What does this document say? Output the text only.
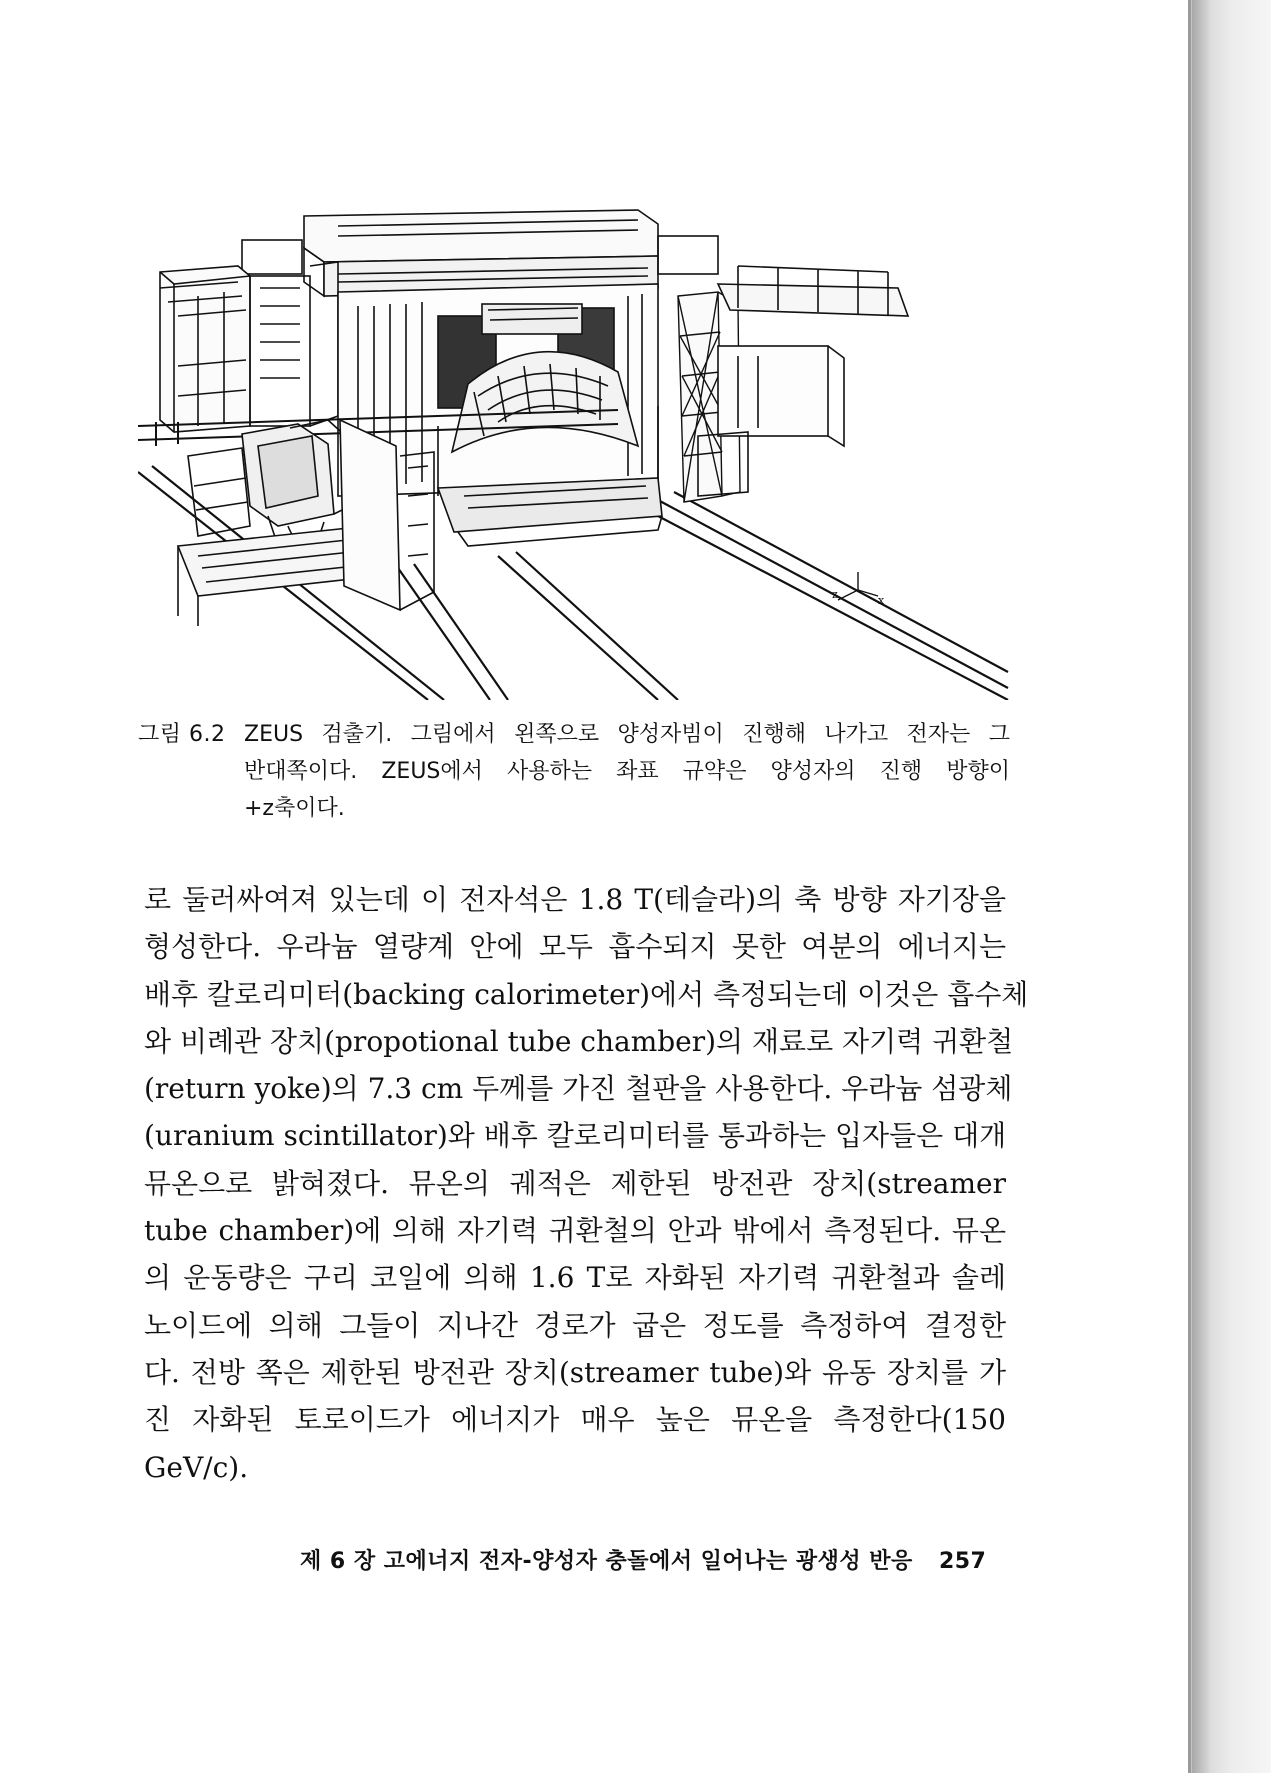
z	x
그림 6.2 ZEUS 검출기. 그림에서 왼쪽으로 양성자빔이 진행해 나가고 전자는 그
반대쪽이다. ZEUS에서 사용하는 좌표 규약은 양성자의 진행 방향이
+z축이다.
로 둘러싸여져 있는데 이 전자석은 1.8 T(테슬라)의 축 방향 자기장을
형성한다. 우라늄 열량계 안에 모두 흡수되지 못한 여분의 에너지는
배후 칼로리미터(backing calorimeter)에서 측정되는데 이것은 흡수체
와 비례관 장치(propotional tube chamber)의 재료로 자기력 귀환철
(return yoke)의 7.3 cm 두께를 가진 철판을 사용한다. 우라늄 섬광체
(uranium scintillator)와 배후 칼로리미터를 통과하는 입자들은 대개
뮤온으로 밝혀졌다. 뮤온의 궤적은 제한된 방전관 장치(streamer
tube chamber)에 의해 자기력 귀환철의 안과 밖에서 측정된다. 뮤온
의 운동량은 구리 코일에 의해 1.6 T로 자화된 자기력 귀환철과 솔레
노이드에 의해 그들이 지나간 경로가 굽은 정도를 측정하여 결정한
다. 전방 쪽은 제한된 방전관 장치(streamer tube)와 유동 장치를 가
진 자화된 토로이드가 에너지가 매우 높은 뮤온을 측정한다(150
GeV/c).
제 6 장 고에너지 전자-양성자 충돌에서 일어나는 광생성 반응 257
